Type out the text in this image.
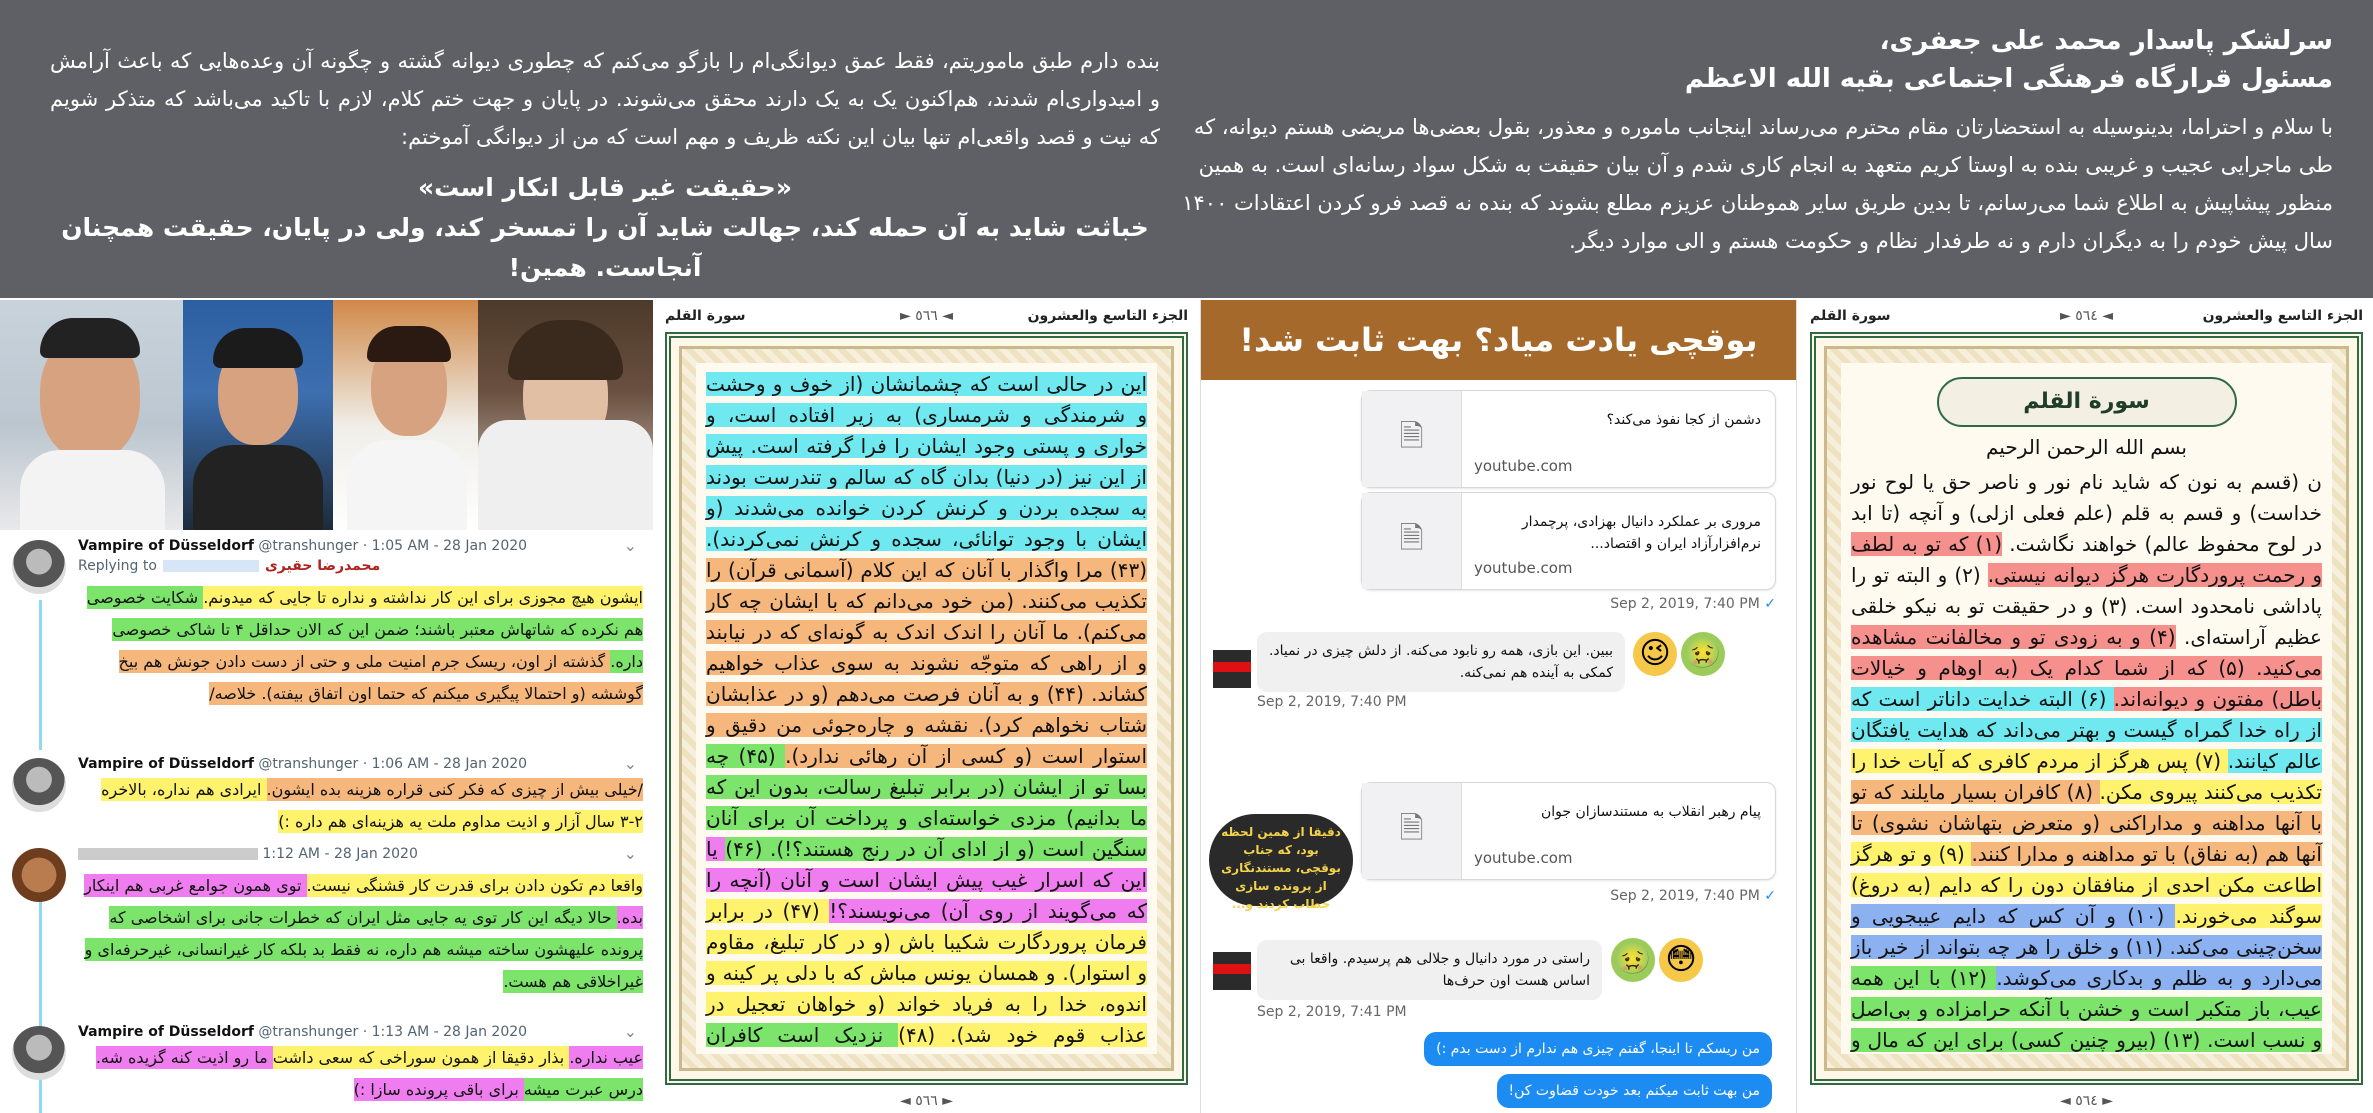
سرلشکر پاسدار محمد علی جعفری،
مسئول قرارگاه فرهنگی اجتماعی بقیه الله الاعظم
با سلام و احتراما، بدینوسیله به استحضارتان مقام محترم می‌رساند اینجانب ماموره و معذور، بقول بعضی‌ها مریضی هستم دیوانه، که طی ماجرایی عجیب و غریبی بنده به اوستا کریم متعهد به انجام کاری شدم و آن بیان حقیقت به شکل سواد رسانه‌ای است. به همین منظور پیشاپیش به اطلاع شما می‌رسانم، تا بدین طریق سایر هموطنان عزیزم مطلع بشوند که بنده نه قصد فرو کردن اعتقادات ۱۴۰۰ سال پیش خودم را به دیگران دارم و نه طرفدار نظام و حکومت هستم و الی موارد دیگر.
بنده دارم طبق ماموریتم، فقط عمق دیوانگی‌ام را بازگو می‌کنم که چطوری دیوانه گشته و چگونه آن وعده‌هایی که باعث آرامش و امیدواری‌ام شدند، هم‌اکنون یک به یک دارند محقق می‌شوند. در پایان و جهت ختم کلام، لازم با تاکید می‌باشد که متذکر شویم که نیت و قصد واقعی‌ام تنها بیان این نکته ظریف و مهم است که من از دیوانگی آموختم:
«حقیقت غیر قابل انکار است»
خباثت شاید به آن حمله کند، جهالت شاید آن را تمسخر کند، ولی در پایان، حقیقت همچنان آنجاست. همین!
الجزء التاسع والعشرون
◄ ٥٦٤ ►
سورة القلم
سورة القلم
بسم الله الرحمن الرحيم
ن (قسم به نون که شاید نام نور و ناصر حق یا لوح نور خداست) و قسم به قلم (علم فعلی ازلی) و آنچه (تا ابد در لوح محفوظ عالم) خواهند نگاشت. (۱) که تو به لطف و رحمت پروردگارت هرگز دیوانه نیستی. (۲) و البته تو را پاداشی نامحدود است. (۳) و در حقیقت تو به نیکو خلقی عظیم آراسته‌ای. (۴) و به زودی تو و مخالفانت مشاهده می‌کنید. (۵) که از شما کدام یک (به اوهام و خیالات باطل) مفتون و دیوانه‌اند. (۶) البته خدایت داناتر است که از راه خدا گمراه گیست و بهتر می‌داند که هدایت یافتگان عالم کیانند. (۷) پس هرگز از مردم کافری که آیات خدا را تکذیب می‌کنند پیروی مکن. (۸) کافران بسیار مایلند که تو با آنها مداهنه و مداراکنی (و متعرض بتهاشان نشوی) تا آنها هم (به نفاق) با تو مداهنه و مدارا کنند. (۹) و تو هرگز اطاعت مکن احدی از منافقان دون را که دایم (به دروغ) سوگند می‌خورند. (۱۰) و آن کس که دایم عیبجویی و سخن‌چینی می‌کند. (۱۱) و خلق را هر چه بتواند از خیر باز می‌دارد و به ظلم و بدکاری می‌کوشد. (۱۲) با این همه عیب، باز متکبر است و خشن با آنکه حرامزاده و بی‌اصل و نسب است. (۱۳) (بیرو چنین کسی) برای این که مال و
◄ ٥٦٤ ►
بوقچی یادت میاد؟ بهت ثابت شد!
🗎	دشمن از کجا نفوذ می‌کند؟
youtube.com
🗎	مروری بر عملکرد دانیال بهزادی، پرچمدار نرم‌افزارآزاد ایران و اقتصاد...
youtube.com
Sep 2, 2019, 7:40 PM ✓
ببین. این بازی، همه رو نابود می‌کنه. از دلش چیزی در نمیاد. کمکی به آینده هم نمی‌کنه.
😉 🤢
Sep 2, 2019, 7:40 PM
دقیقا از همین لحظه بود، که جناب بوقچی، مستندنگاری از پرونده سازی خطاب کردند و...
🗎	پیام رهبر انقلاب به مستندسازان جوان
youtube.com
Sep 2, 2019, 7:40 PM ✓
راستی در مورد دانیال و جلالی هم پرسیدم. واقعا بی اساس هست اون حرف‌ها
🤢 😳
Sep 2, 2019, 7:41 PM
من ریسکم تا اینجا، گفتم چیزی هم ندارم از دست بدم :)
من بهت ثابت میکنم بعد خودت قضاوت کن!
الجزء التاسع والعشرون
◄ ٥٦٦ ►
سورة القلم
این در حالی است که چشمانشان (از خوف و وحشت و شرمندگی و شرمساری) به زیر افتاده است، و خواری و پستی وجود ایشان را فرا گرفته است. پیش از این نیز (در دنیا) بدان گاه که سالم و تندرست بودند به سجده بردن و کرنش کردن خوانده می‌شدند (و ایشان با وجود توانائی، سجده و کرنش نمی‌کردند). (۴۳) مرا واگذار با آنان که این کلام (آسمانی قرآن) را تکذیب می‌کنند. (من خود می‌دانم که با ایشان چه کار می‌کنم). ما آنان را اندک اندک به گونه‌ای که در نیابند و از راهی که متوجّه نشوند به سوی عذاب خواهیم کشاند. (۴۴) و به آنان فرصت می‌دهم (و در عذابشان شتاب نخواهم کرد). نقشه و چاره‌جوئی من دقیق و استوار است (و کسی از آن رهائی ندارد). (۴۵) چه بسا تو از ایشان (در برابر تبلیغ رسالت، بدون این که ما بدانیم) مزدی خواسته‌ای و پرداخت آن برای آنان سنگین است (و از ادای آن در رنج هستند؟!). (۴۶) یا این که اسرار غیب پیش ایشان است و آنان (آنچه را که می‌گویند از روی آن) می‌نویسند؟! (۴۷) در برابر فرمان پروردگارت شکیبا باش (و در کار تبلیغ، مقاوم و استوار). و همسان یونس مباش که با دلی پر کینه و اندوه، خدا را به فریاد خواند (و خواهان تعجیل در عذاب قوم خود شد). (۴۸) نزدیک است کافران
◄ ٥٦٦ ►
Vampire of Düsseldorf @transhunger · 1:05 AM - 28 Jan 2020	⌄
Replying to	محمدرضا حقیری
ایشون هیچ مجوزی برای این کار نداشته و نداره تا جایی که میدونم. شکایت خصوصی هم نکرده که شاتهاش معتبر باشند؛ ضمن این که الان حداقل ۴ تا شاکی خصوصی داره. گذشته از اون، ریسک جرم امنیت ملی و حتی از دست دادن جونش هم بیخ گوششه (و احتمالا پیگیری میکنم که حتما اون اتفاق بیفته). خلاصه/
Vampire of Düsseldorf @transhunger · 1:06 AM - 28 Jan 2020	⌄
/خیلی بیش از چیزی که فکر کنی قراره هزینه بده ایشون. ایرادی هم نداره، بالاخره ۲-۳ سال آزار و اذیت مداوم ملت یه هزینه‌ای هم داره :)
1:12 AM - 28 Jan 2020	⌄
واقعا دم تکون دادن برای قدرت کار قشنگی نیست. توی همون جوامع غربی هم اینکار بده. حالا دیگه این کار توی یه جایی مثل ایران که خطرات جانی برای اشخاصی که پرونده علیهشون ساخته میشه هم داره، نه فقط بد بلکه کار غیرانسانی، غیرحرفه‌ای و غیراخلاقی هم هست.
Vampire of Düsseldorf @transhunger · 1:13 AM - 28 Jan 2020	⌄
عیب نداره. بذار دقیقا از همون سوراخی که سعی داشت ما رو اذیت کنه گزیده شه. درس عبرت میشه برای باقی پرونده سازا :)
